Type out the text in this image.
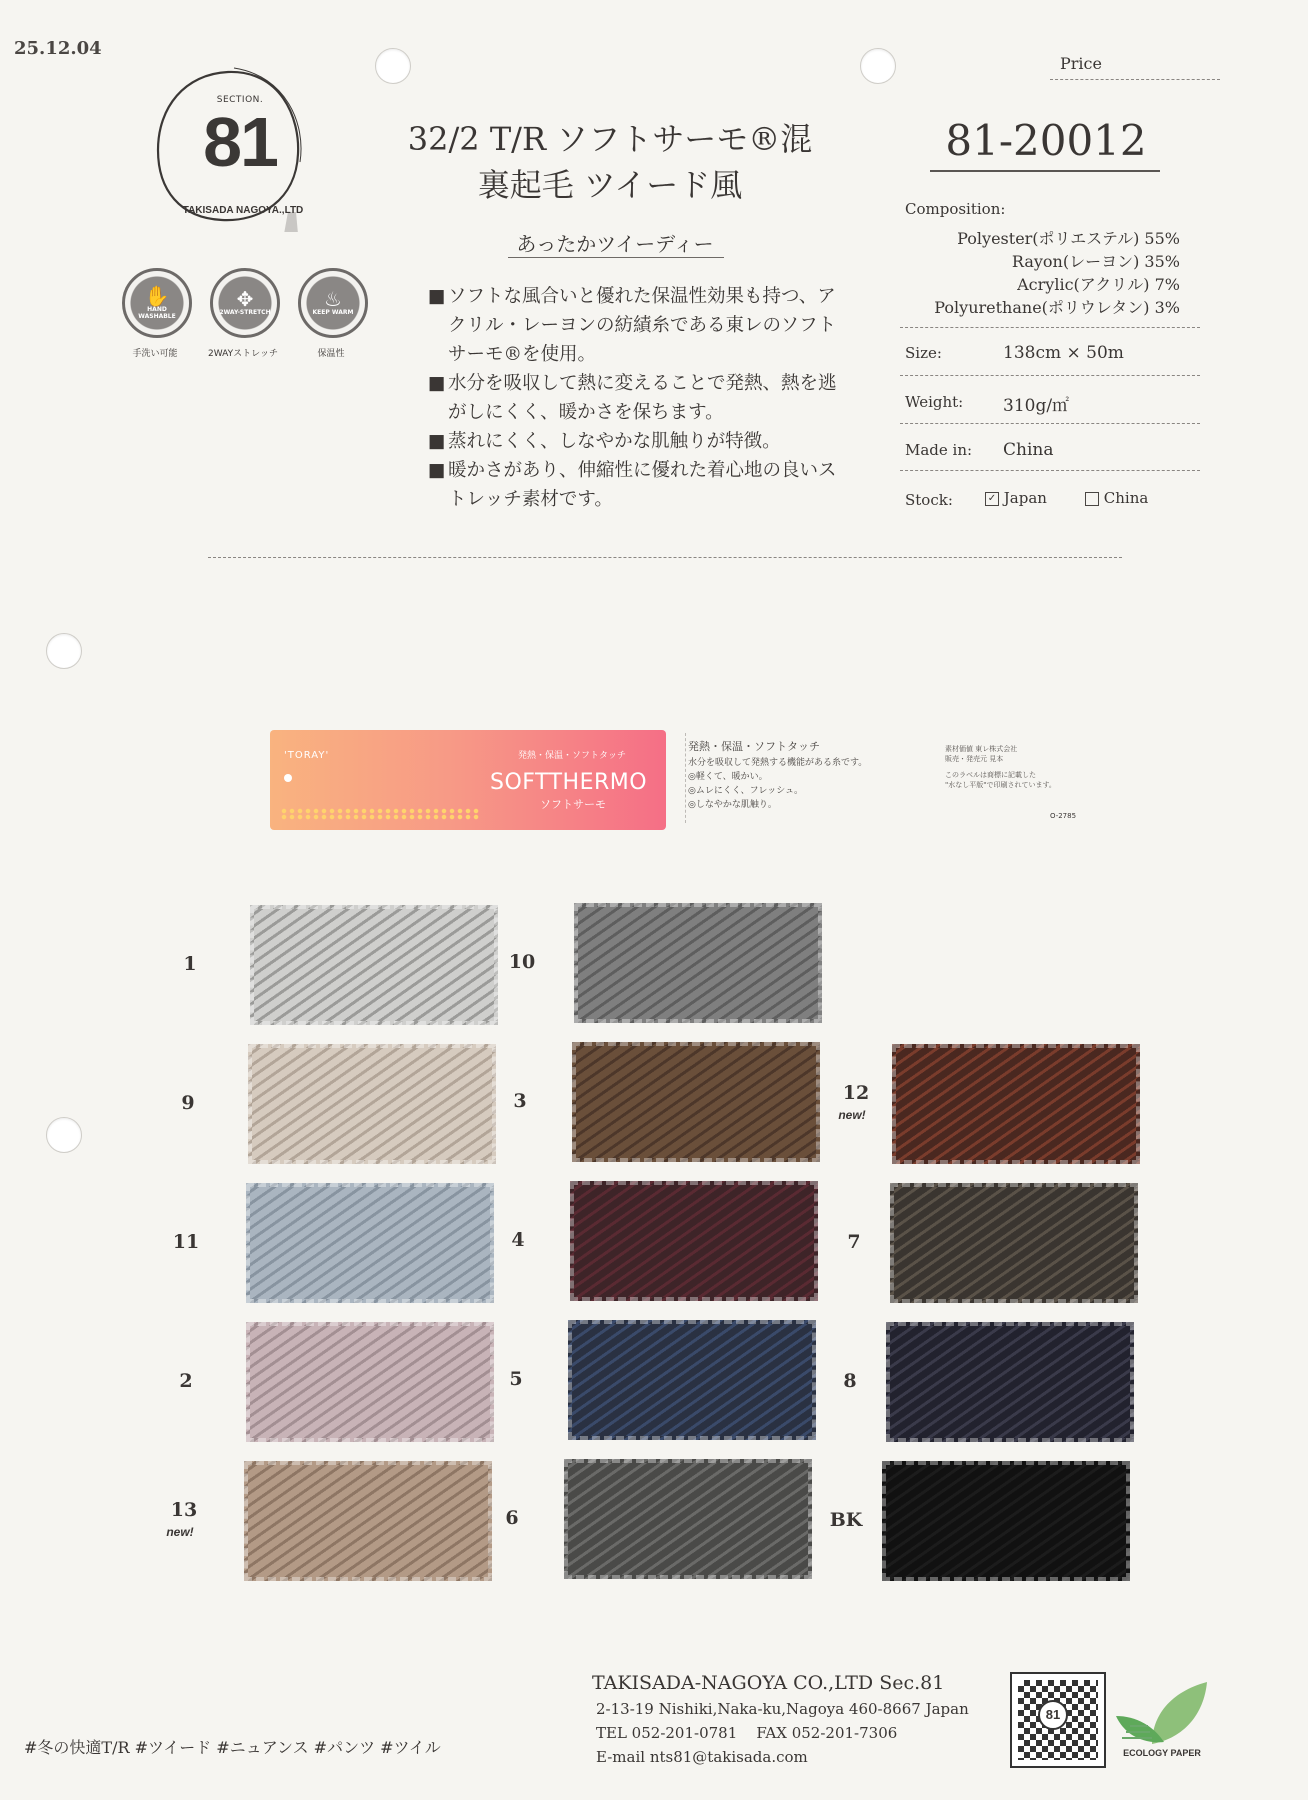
25.12.04
SECTION.
81
TAKISADA NAGOYA.,LTD
✋
HAND WASHABLE
手洗い可能
✥
2WAY-STRETCH
2WAYストレッチ
♨
KEEP WARM
保温性
32/2 T/R ソフトサーモ®混
裏起毛 ツイード風
あったかツイーディー
■ ソフトな風合いと優れた保温性効果も持つ、アクリル・レーヨンの紡績糸である東レのソフトサーモ®を使用。
■ 水分を吸収して熱に変えることで発熱、熱を逃がしにくく、暖かさを保ちます。
■ 蒸れにくく、しなやかな肌触りが特徴。
■ 暖かさがあり、伸縮性に優れた着心地の良いストレッチ素材です。
Price
81-20012
Composition:
Polyester(ポリエステル) 55%
Rayon(レーヨン) 35%
Acrylic(アクリル) 7%
Polyurethane(ポリウレタン) 3%
Size:	138cm × 50m
Weight: 310g/㎡
Made in: China
Stock:	✓ Japan	China
'TORAY'	発熱・保温・ソフトタッチ
SOFTTHERMO
ソフトサーモ
発熱・保温・ソフトタッチ
水分を吸収して発熱する機能がある糸です。
◎軽くて、暖かい。
◎ムレにくく、フレッシュ。
◎しなやかな肌触り。
素材価値 東レ株式会社
販売・発売元 見本
このラベルは商標に記載した
"水なし平版"で印刷されています。
O-2785
1
9
11
2
13
new!
10
3
4
5
6
12
new!
7
8
BK
TAKISADA-NAGOYA CO.,LTD Sec.81
2-13-19 Nishiki,Naka-ku,Nagoya 460-8667 Japan
TEL 052-201-0781    FAX 052-201-7306
E-mail nts81@takisada.com
#冬の快適T/R #ツイード #ニュアンス #パンツ #ツイル
81
ECOLOGY PAPER
